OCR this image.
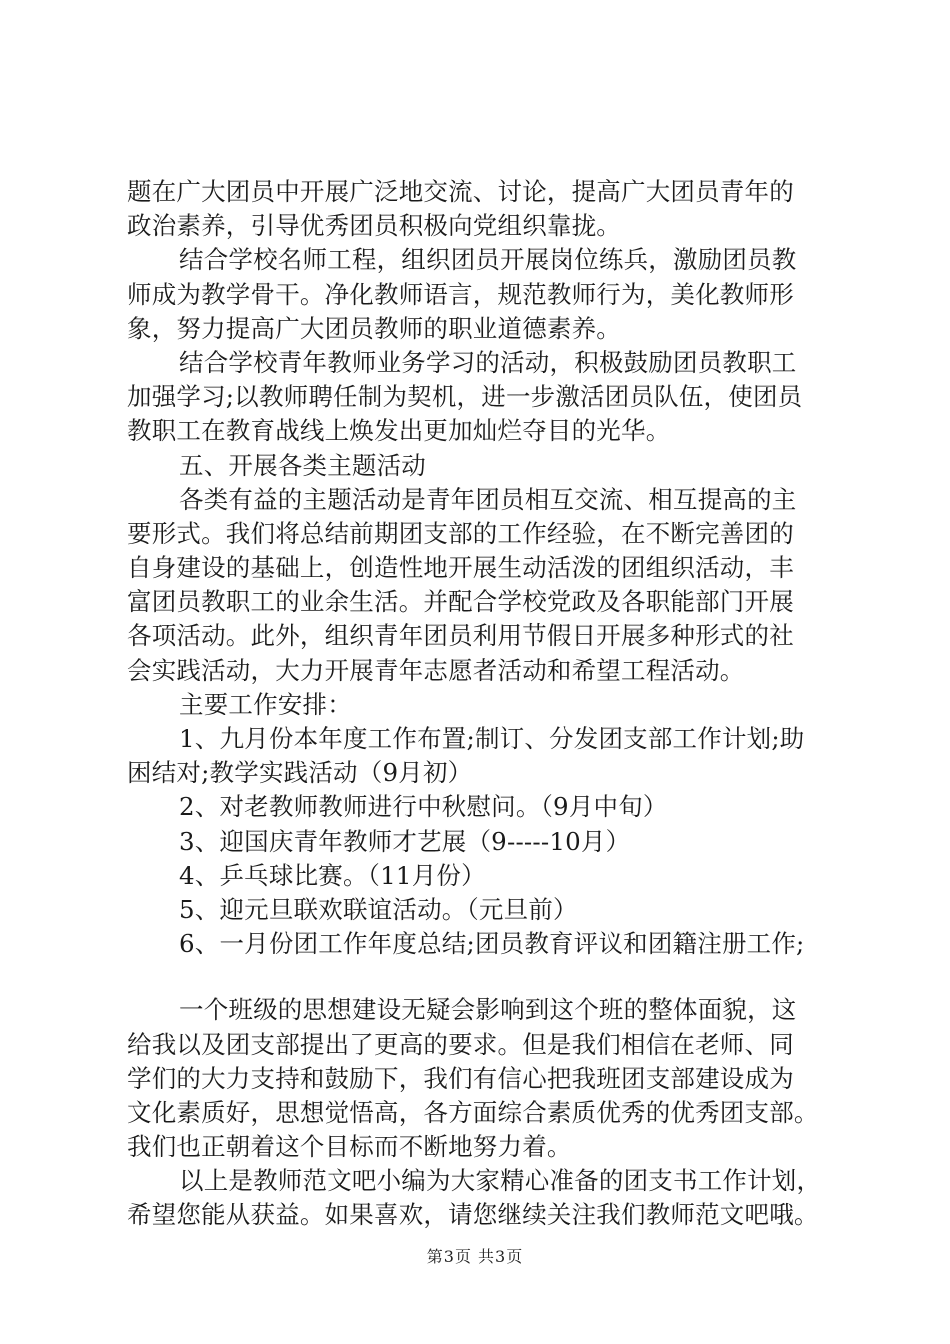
题在广大团员中开展广泛地交流、讨论，提高广大团员青年的
政治素养，引导优秀团员积极向党组织靠拢。
结合学校名师工程，组织团员开展岗位练兵，激励团员教
师成为教学骨干。净化教师语言，规范教师行为，美化教师形
象，努力提高广大团员教师的职业道德素养。
结合学校青年教师业务学习的活动，积极鼓励团员教职工
加强学习;以教师聘任制为契机，进一步激活团员队伍，使团员
教职工在教育战线上焕发出更加灿烂夺目的光华。
五、开展各类主题活动
各类有益的主题活动是青年团员相互交流、相互提高的主
要形式。我们将总结前期团支部的工作经验，在不断完善团的
自身建设的基础上，创造性地开展生动活泼的团组织活动，丰
富团员教职工的业余生活。并配合学校党政及各职能部门开展
各项活动。此外，组织青年团员利用节假日开展多种形式的社
会实践活动，大力开展青年志愿者活动和希望工程活动。
主要工作安排：
1、九月份本年度工作布置;制订、分发团支部工作计划;助
困结对;教学实践活动（9月初）
2、对老教师教师进行中秋慰问。（9月中旬）
3、迎国庆青年教师才艺展（9-----10月）
4、乒乓球比赛。（11月份）
5、迎元旦联欢联谊活动。（元旦前）
6、一月份团工作年度总结;团员教育评议和团籍注册工作;
一个班级的思想建设无疑会影响到这个班的整体面貌，这
给我以及团支部提出了更高的要求。但是我们相信在老师、同
学们的大力支持和鼓励下，我们有信心把我班团支部建设成为
文化素质好，思想觉悟高，各方面综合素质优秀的优秀团支部。
我们也正朝着这个目标而不断地努力着。
以上是教师范文吧小编为大家精心准备的团支书工作计划，
希望您能从获益。如果喜欢，请您继续关注我们教师范文吧哦。
第3页 共3页
